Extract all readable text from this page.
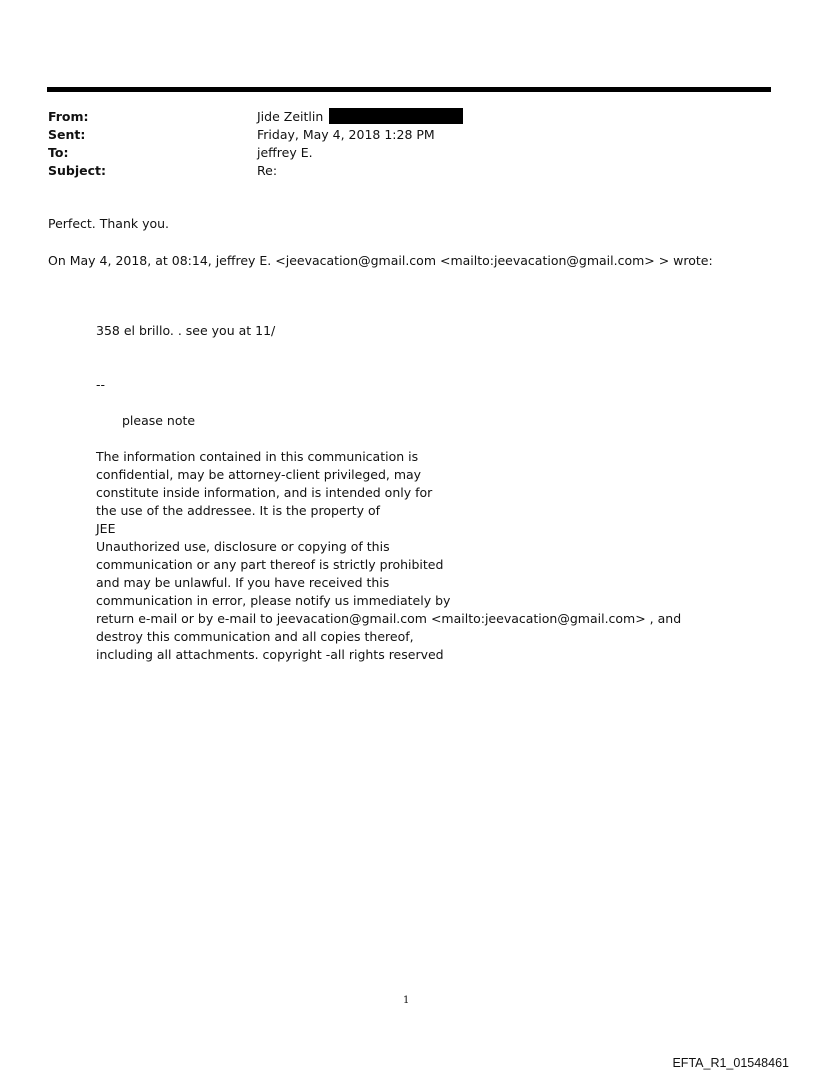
From:	Jide Zeitlin
Sent:	Friday, May 4, 2018 1:28 PM
To:	jeffrey E.
Subject:	Re:
Perfect. Thank you.
On May 4, 2018, at 08:14, jeffrey E. <jeevacation@gmail.com <mailto:jeevacation@gmail.com> > wrote:
358 el brillo. . see you at 11/
--
please note
The information contained in this communication is
confidential, may be attorney-client privileged, may
constitute inside information, and is intended only for
the use of the addressee. It is the property of
JEE
Unauthorized use, disclosure or copying of this
communication or any part thereof is strictly prohibited
and may be unlawful. If you have received this
communication in error, please notify us immediately by
return e-mail or by e-mail to jeevacation@gmail.com <mailto:jeevacation@gmail.com> , and
destroy this communication and all copies thereof,
including all attachments. copyright -all rights reserved
1
EFTA_R1_01548461
